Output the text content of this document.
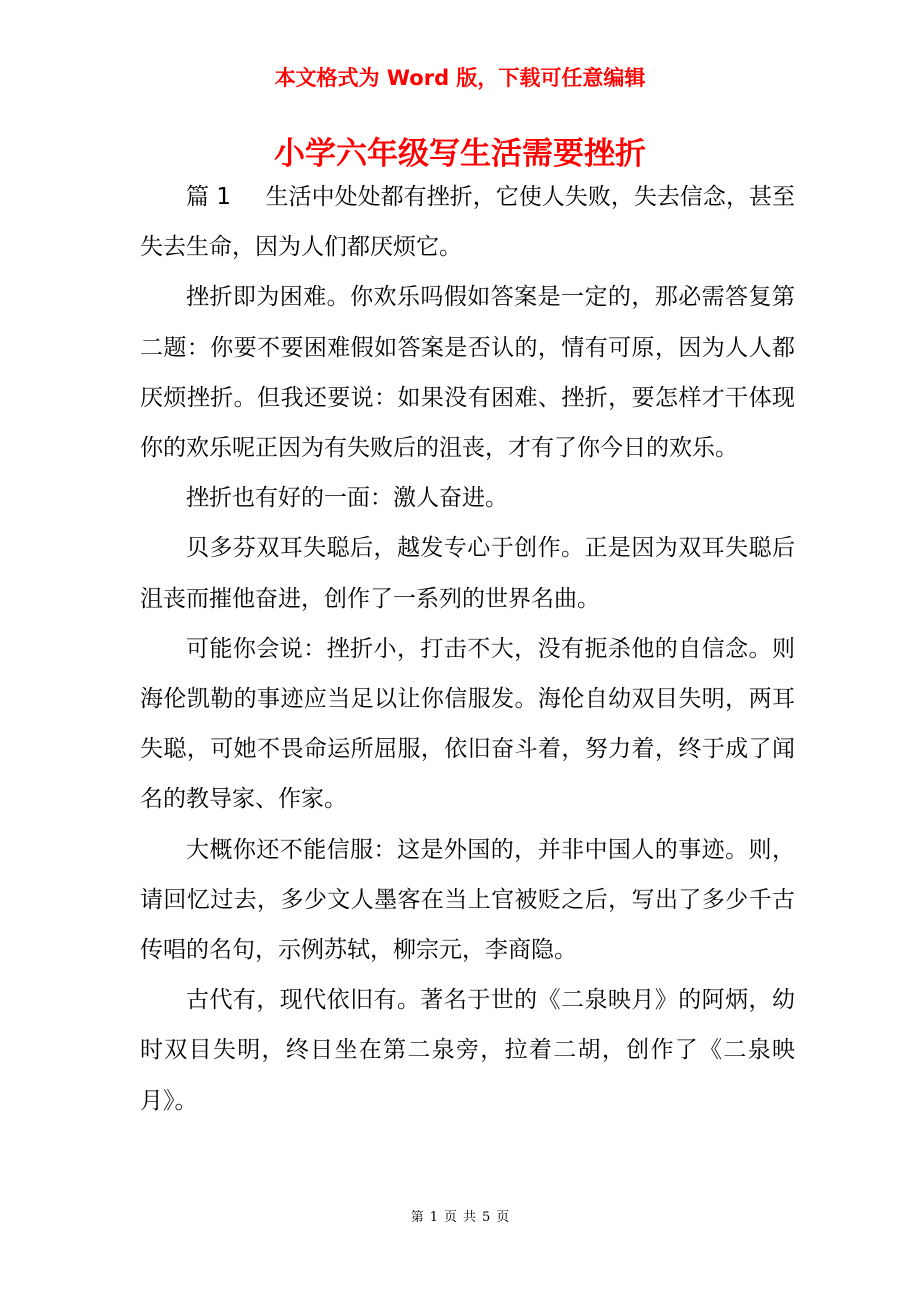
本文格式为 Word 版，下载可任意编辑
小学六年级写生活需要挫折

篇 1 生活中处处都有挫折，它使人失败，失去信念，甚至失去生命，因为人们都厌烦它。

挫折即为困难。你欢乐吗假如答案是一定的，那必需答复第二题：你要不要困难假如答案是否认的，情有可原，因为人人都厌烦挫折。但我还要说：如果没有困难、挫折，要怎样才干体现你的欢乐呢正因为有失败后的沮丧，才有了你今日的欢乐。

挫折也有好的一面：激人奋进。

贝多芬双耳失聪后，越发专心于创作。正是因为双耳失聪后沮丧而摧他奋进，创作了一系列的世界名曲。

可能你会说：挫折小，打击不大，没有扼杀他的自信念。则海伦凯勒的事迹应当足以让你信服发。海伦自幼双目失明，两耳失聪，可她不畏命运所屈服，依旧奋斗着，努力着，终于成了闻名的教导家、作家。

大概你还不能信服：这是外国的，并非中国人的事迹。则，请回忆过去，多少文人墨客在当上官被贬之后，写出了多少千古传唱的名句，示例苏轼，柳宗元，李商隐。

古代有，现代依旧有。著名于世的《二泉映月》的阿炳，幼时双目失明，终日坐在第二泉旁，拉着二胡，创作了《二泉映月》。

第 1 页 共 5 页
